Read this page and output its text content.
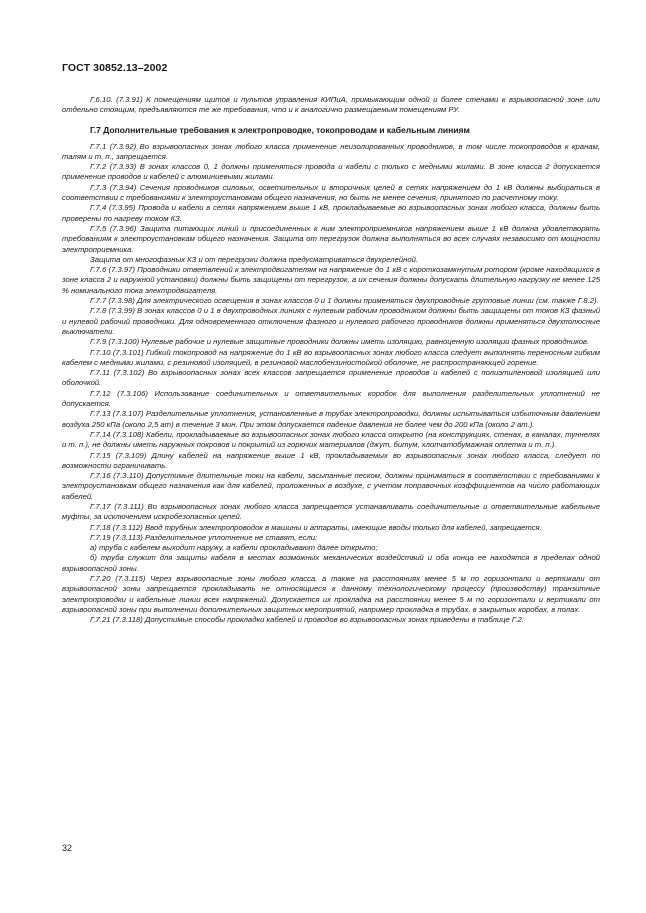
ГОСТ 30852.13–2002

Г.6.10. (7.3.91) К помещениям щитов и пультов управления КИПиА, примыкающим одной и более стенами к взрывоопасной зоне или отдельно стоящим, предъявляются те же требования, что и к аналогично размещаемым помещениям РУ.

Г.7 Дополнительные требования к электропроводке, токопроводам и кабельным линиям

Г.7.1 (7.3.92) Во взрывоопасных зонах любого класса применение неизолированных проводников, в том числе токопроводов к кранам, талям и т. п., запрещается.

Г.7.2 (7.3.93) В зонах классов 0, 1 должны применяться провода и кабели с только с медными жилами. В зоне класса 2 допускается применение проводов и кабелей с алюминиевыми жилами.

Г.7.3 (7.3.94) Сечения проводников силовых, осветительных и вторичных целей в сетях напряжением до 1 кВ должны выбираться в соответствии с требованиями к электроустановкам общего назначения, но быть не менее сечения, принятого по расчетному току.

Г.7.4 (7.3.95) Провода и кабели в сетях напряжением выше 1 кВ, прокладываемые во взрывоопасных зонах любого класса, должны быть проверены по нагреву током КЗ.

Г.7.5 (7.3.96) Защита питающих линий и присоединенных к ним электроприемников напряжением выше 1 кВ должна удовлетворять требованиям к электроустановкам общего назначения. Защита от перегрузок должна выполняться во всех случаях независимо от мощности электроприемника.

Защита от многофазных КЗ и от перегрузки должна предусматриваться двухрелейной.

Г.7.6 (7.3.97) Проводники ответвлений к электродвигателям на напряжение до 1 кВ с короткозамкнутым ротором (кроме находящихся в зоне класса 2 и наружной установки) должны быть защищены от перегрузок, а их сечения должны допускать длительную нагрузку не менее 125 % номинального тока электродвигателя.

Г.7.7 (7.3.98) Для электрического освещения в зонах классов 0 и 1 должны применяться двухпроводные групповые линии (см. также Г.8.2).

Г.7.8 (7.3.99) В зонах классов 0 и 1 в двухпроводных линиях с нулевым рабочим проводником должны быть защищены от токов КЗ фазный и нулевой рабочий проводники. Для одновременного отключения фазного и нулевого рабочего проводников должны применяться двухполюсные выключатели.

Г.7.9 (7.3.100) Нулевые рабочие и нулевые защитные проводники должны иметь изоляцию, равноценную изоляции фазных проводников.

Г.7.10 (7.3.101) Гибкий токопровод на напряжение до 1 кВ во взрывоопасных зонах любого класса следует выполнять переносным гибким кабелем с медными жилами, с резиновой изоляцией, в резиновой маслобензиностойкой оболочке, не распространяющей горение.

Г.7.11 (7.3.102) Во взрывоопасных зонах всех классов запрещается применение проводов и кабелей с полиэтиленовой изоляцией или оболочкой.

Г.7.12 (7.3.106) Использование соединительных и ответвительных коробок для выполнения разделительных уплотнений не допускается.

Г.7.13 (7.3.107) Разделительные уплотнения, установленные в трубах электропроводки, должны испытываться избыточным давлением воздуха 250 кПа (около 2,5 ат) в течение 3 мин. При этом допускается падение давления не более чем до 200 кПа (около 2 ат.).

Г.7.14 (7.3.108) Кабели, прокладываемые во взрывоопасных зонах любого класса открыто (на конструкциях, стенах, в каналах, туннелях и т. п.), не должны иметь наружных покровов и покрытий из горючих материалов (джут, битум, хлопчатобумажная оплетка и т. п.).

Г.7.15 (7.3.109) Длину кабелей на напряжение выше 1 кВ, прокладываемых во взрывоопасных зонах любого класса, следует по возможности ограничивать.

Г.7.16 (7.3.110) Допустимые длительные токи на кабели, засыпанные песком, должны приниматься в соответствии с требованиями к электроустановкам общего назначения как для кабелей, проложенных в воздухе, с учетом поправочных коэффициентов на число работающих кабелей.

Г.7.17 (7.3.111) Во взрывоопасных зонах любого класса запрещается устанавливать соединительные и ответвительные кабельные муфты, за исключением искробезопасных цепей.

Г.7.18 (7.3.112) Ввод трубных электропроводок в машины и аппараты, имеющие вводы только для кабелей, запрещается.

Г.7.19 (7.3.113) Разделительное уплотнение не ставят, если:

а) труба с кабелем выходит наружу, а кабели прокладывают далее открыто;

б) труба служит для защиты кабеля в местах возможных механических воздействий и оба конца ее находятся в пределах одной взрывоопасной зоны.

Г.7.20 (7.3.115) Через взрывоопасные зоны любого класса, а также на расстояниях менее 5 м по горизонтали и вертикали от взрывоопасной зоны запрещается прокладывать не относящиеся к данному технологическому процессу (производству) транзитные электропроводки и кабельные линии всех напряжений. Допускается их прокладка на расстоянии менее 5 м по горизонтали и вертикали от взрывоопасной зоны при выполнении дополнительных защитных мероприятий, например прокладка в трубах, в закрытых коробах, в полах.

Г.7.21 (7.3.118) Допустимые способы прокладки кабелей и проводов во взрывоопасных зонах приведены в таблице Г.2.

32
